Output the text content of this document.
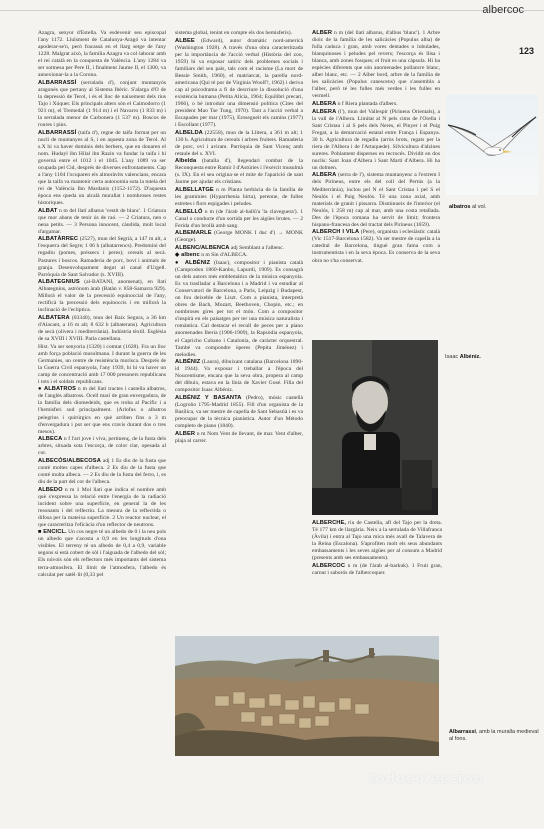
albercoc
123

Azagra, senyor d'Estella. Va esdevenir seu episcopal l'any 1172. Lluïsment de Catalunya-Aragó va intentar apoderar-se'n, però fracassà en el llarg setge de l'any 1228. Malgrat això, la família Azagra va col·laborar amb el rei català en la conquesta de València. L'any 1284 va ser sotmesa per Pere II, i finalment Jaume II, el 1300, va annexionar-la a la Corona.

ALBARRASSÍ (serralada d'), conjunt muntanyós aragonès que pertany al Sistema Ibèric. S'alarga d'O de la depressió de Terol, i és el lloc de naixement dels rius Tajo i Xúquer. Els principals alters són el Caimodorro (1 921 m), el Tremedal (1 914 m) i el Navarro (1 833 m) i la serralada menor de Carbonera (1 537 m). Boscos de roures i pins.

ALBARRASSÍ (taifa d'), regne de taifa format per un nucli de muntanyes al S, i en aquesta zona de Terol. Al s.X hi va haver dominis dels berbers, que en donaren el nom. Hudayl ibn Hilal ibn Razin va fundar la taifa i hi governà entre el 1012 i el 1045. L'any 1089 va ser ocupada pel Cid, després de diverses enfrontaments. Cap a l'any 1104 l'ocuparen els almoràvits valencians, encara que la taifa va mantenir certa autonomia sota la tutela del rei de València Ibn Mardanis (1152-1172). D'aquesta època ens queda un alcalà murallat i nombroses restes historiques.

ALBAT n m del llatí albatus 'vestit de blanc'. 1 Criatura que mor abans de tenir ús de raó. — 2 Criatura, nen o nena petits. — 3 Persona innocent, càndida, molt local d'argamar.

ALBATÀRREC (2527), mun del Segrià, a 147 m alt, a l'esquerra del Segre; 1 06 h (albatarrencs). Predomini del regadiu (pomes, préssecs i peres); cereals al secà. Pastures i boscos. Ramaderia de porc, boví i animals de granja. Desenvolupament degut al canal d'Urgell. Parròquia de Sant Salvador (s. XVIII).

ALBATEGNIUS (al-BATANI, anomenat), en llatí Albategnius, astrònom àrab (Batàn v. 858-Samarra 929). Millorà el valor de la precessió equinoccial de l'any, rectificà la precessió dels equinoccis i en millorà la inclinació de l'eclíptica.

ALBATERA (03340), mun del Baix Segura, a 36 km d'Alacant, a 16 m alt; 8 632 h (albaterans). Agricultura de secà (olivera i mediterrània). Indústria tèxtil. Església de sa XVIII i XVIII. Parla castellana.

Hist. Va ser senyoria (1320) i comtat (1628). Fra un lloc amb força població musulmana. I durant la guerra de les Germanies, un centre de resistència morisca. Després de la Guerra Civil espanyola, l'any 1939, hi hi va haver un camp de concentració amb 17 000 presoners republicans i tots i el soldats republicans.

● ALBATROS n m del llatí tractes i castella albatros, de l'anglès albatross. Ocell marí de gran envergadura, de la família dels diomedeids, que es troba al Pacífic i a l'hemisferi sud principalment. (Arlofus o albatros pelegrins i quirúrgics en què arriben fins a 3 m d'envergadura i pot ser que ens cravis durant dos o tres mesos).

ALBECA n f l'art jove i viva, pertinenç, de la fusta dels arbres, situada sota l'escorça, de color clar, opesada al cor.

ALBECÓS/ALBECOSA adj 1 Es diu de la fusta que conté moltes capes d'albeca. 2 Es diu de la fusta que conté molta albeca. — 2 Es diu de la fusta del ferro, i, es diu de la part del cor de l'albeca.

ALBEDO n m 1 Mol llatí que indica el nombre amb què s'expressa la relació entre l'energia de la radiació incident sobre una superfície, en general la de les resonants i del reflectiu. La mesura de la reflectida o difosa per la mateixa superfície. 2 Un reactor nuclear, el que caracteritza l'eficàcia d'un reflector de neutrons.

■ ENCICL. Un cos negre té un albedo de 0 i la neu pols un albedo que s'acosta a 0,9 en les longituds d'ona visibles. El terreny té un albedo de 0,4 a 0,9, variable segons si està cobert de sòl i l'aiguada de l'albedo del sòl; Els núvols són els reflectors més importants del sistema terra-atmosfera. El límit de l'atmosfera, l'albedo és calculat per satèl·lit (0,33 pel

sistema global, tenint en compte els dos hemisferis).

ALBEE (Edward), autor dramàtic nord-americà (Washington 1928). A través d'una obra caracteritzada per la importància de l'acció verbal (Història del zoo, 1959) hi va exposar satíric dels problemes socials i familiars del seu país, tals com el racisme (La mort de Bessie Smith, 1960), el matriarcat, la parella nord-americana (Qui té por de Virginia Woolf?, 1962) i deriva cap al psicodrama a fi de descriure la dissolució d'una existència humana (Petita Alícia, 1964; Equilibri precari, 1966), o bé introduir una dimensió política (Cites del president Mao Tse Tung, 1970). Tant a l'acció verbal a Escapades per mar (1975), Erosegueit els camins (1977) i Escollant (1977).

ALBELDA (22558), mun de la Llitera, a 361 m alt; 1 130 h. Agricultura de cereals i arbres fruiters. Ramaderia de porc, oví i aviram. Parròquia de Sant Vicenç amb retaule del s. XVI.

Albelda (batalla d'), llegendari combat de la Reconquesta entre Ramir I d'Astúries i l'exèrcit musulmà (s. IX). En el seu origina·se el mite de l'aparició de sant Jaume per ajudar els cristians.

ALBELLATGE n m Planta herbàcia de la família de les gramínies (Hyparrhenia hirta), perenne, de fulles estretes i flors espigades i peludes.

ALBELLÓ n m (de l'àrab al-ballû'a 'la claveguera'). 1 Canal o conducte d'un sortida per les aigües brutes. — 2 Ferida d'un brollà amb sang.

ALBEMARLE (George MONK I duc d') → MONK (George).

ALBENC/ALBENCA adj Semblant a l'albenc.

◆ albenc n m Sin d'ALBECA.

● ALBÉNIZ (Isaac), compositor i pianista català (Camprodon 1860-Kanbo, Lapurdi, 1909). Es consagrà un dels autors més emblemàtics de la música espanyola. Es va traslladar a Barcelona i a Madrid i va estudiar al Conservatori de Barcelona, a Paris, Leipzig i Budapest, on fou deixeble de Liszt. Com a pianista, interpretà obres de Bach, Mozart, Beethoven, Chopin, etc.; en nombroses gires per tot el món. Com a compositor s'inspirà en els paisatges per ter una música naturalista i romàntica. Cal destacar el recull de peces per a piano anomenades Iberia (1906-1909), la Rapsòdia espanyola, el Capricho Cubano i Catalonia, de caràcter orquestral. També va compondre òperes (Pepita Jiménez) i melodies.

ALBÉNIZ (Laura), dibuixant catalana (Barcelona 1890-id 1944). Va exposar i treballar a l'època del Noucentisme, encara que la seva obra, propera al camp del dibuix, estava en la línia de Xavier Gosé. Filla del compositor Isaac Albéniz.

ALBÉNIZ Y BASANTA (Pedro), músic castellà (Logroño 1795-Madrid 1855). Fill d'un organista de la Basílica, va ser mestre de capella de Sant Sebastià i es va preocupar de la tècnica pianística. Autor d'un Método completo de piano (1840).

ALBER n m Nom Vent de llevant, de mar. Vent d'alber, plaja al carrer.

ALBER n m (del llatí albarus, d'albus 'blanc'). 1 Arbre dioic de la família de les salicàcies (Populus alba) de fulla caduca i gran, amb vores dentades o lobulades, blanquinoses i peludes pel revers; l'escorça és llisa i blanca, amb zones fosques; el fruit es una càpsula. Hi ha espècies diferents que són anomenades pollancre blanc, alber blanc, etc. — 2 Alber bord, arbre de la família de les salicàcies (Populus canescens) que s'assembla a l'alber, però té les fulles més verdes i les fulles en vermell.

ALBERA n f Riera plantada d'albers.

ALBERA (l'), mun del Vallespir (Pirineus Orientals), a la vall de l'Albera. Limitat al N pels cims de l'Orella i Sant Cristau i al S pels dels Neres, el Pinyer i el Puig Fregat, a la demarcació estatal entre França i Espanya. 30 h. Agricultura de regadiu (arròs brots, regats per la riera de l'Albera i de l'Artaquede). Silvicultura d'alzines sureres. Poblament disperses en recrocés. Dividit en dos nuclis: Sant Joan d'Albera i Sant Martí d'Albera. Hi ha un dolmen.

ALBERA (serra de l'), sistema muntanyenc a l'extrem I dels Pirineus, entre els del coll del Pertús (a la Mediterrània), inclou pel N el Sant Cristau i pel S el Neulós i el Puig Neulós. Té una zona axial, amb materials de granit i pissarra. Disminueix de l'interior (el Neulós, 1 258 m) cap al mar, amb una costa retallada. Des de l'època romana ha servit de límit; frontera hispano-francesa des del tractat dels Pirineus (1659).

ALBERCH I VILA (Pere), organista i eclesiàstic català (Vic 1517-Barcelona 1582). Va ser mestre de capella a la catedral de Barcelona, tingué gran fama com a instrumentista i en la seva època. Es conserva de la seva obra no s'ha conservat.

ALBERCHE, riu de Castella, afl del Tajo per la dreta. Té 177 km de llargària. Neix a la serralada de Villafranca (Àvila) i entra al Tajo una mica més avall de Talavera de la Reina (Escalona). S'aprofiten molt els seus abundants embassaments i les seves aigües per al consum a Madrid (presents amb ses embassaments).

ALBERCOC n m (de l'àrab al-barkuk). 1 Fruit gran, carnut i saborós de l'albercoquer.

albatros al vol.
Isaac Albéniz.
Albarrassí, amb la muralla medieval al fons.
todocoleccion
